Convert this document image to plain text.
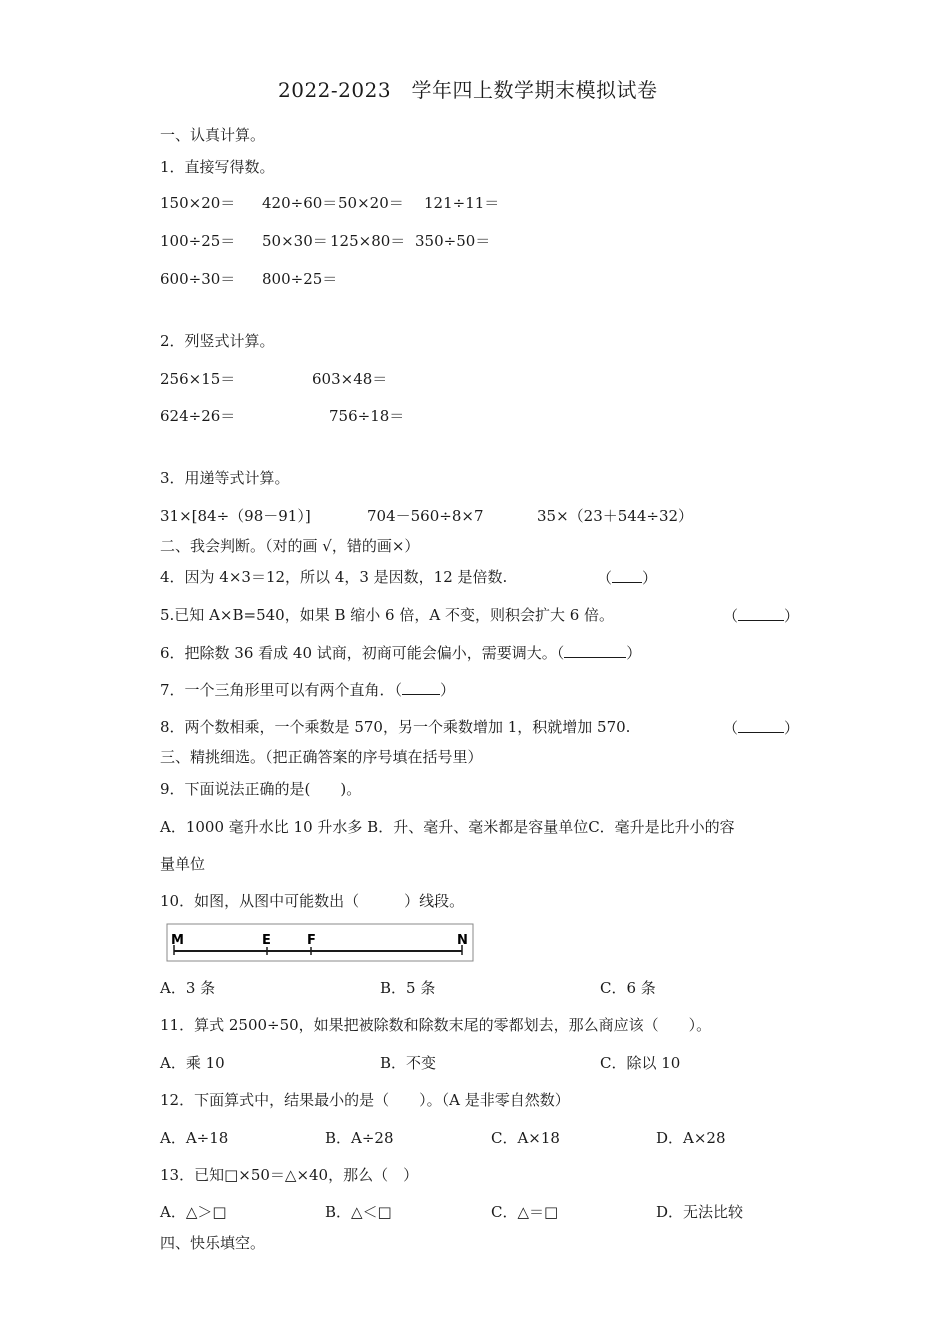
2022-2023　学年四上数学期末模拟试卷
一、认真计算。
1．直接写得数。
150×20＝ 420÷60＝ 50×20＝ 121÷11＝
100÷25＝ 50×30＝ 125×80＝ 350÷50＝
600÷30＝ 800÷25＝
2．列竖式计算。
256×15＝	603×48＝
624÷26＝	756÷18＝
3．用递等式计算。
31×[84÷（98－91）]	704－560÷8×7	35×（23＋544÷32）
二、我会判断。（对的画 √，错的画×）
4．因为 4×3＝12，所以 4，3 是因数，12 是倍数.	（ ）
5.已知 A×B=540，如果 B 缩小 6 倍，A 不变，则积会扩大 6 倍。	（	）
6．把除数 36 看成 40 试商，初商可能会偏小，需要调大。（	）
7．一个三角形里可以有两个直角．（	）
8．两个数相乘，一个乘数是 570，另一个乘数增加 1，积就增加 570.	（	）
三、精挑细选。（把正确答案的序号填在括号里）
9．下面说法正确的是(　　)。
A．1000 毫升水比 10 升水多 B．升、毫升、毫米都是容量单位C．毫升是比升小的容
量单位
10．如图，从图中可能数出（　　　）线段。
M	E	F	N
A．3 条	B．5 条	C．6 条
11．算式 2500÷50，如果把被除数和除数末尾的零都划去，那么商应该（　　）。
A．乘 10	B．不变	C．除以 10
12．下面算式中，结果最小的是（　　）。（A 是非零自然数）
A．A÷18	B．A÷28	C．A×18	D．A×28
13．已知□×50＝△×40，那么（　）
A．△＞□	B．△＜□	C．△＝□	D．无法比较
四、快乐填空。
